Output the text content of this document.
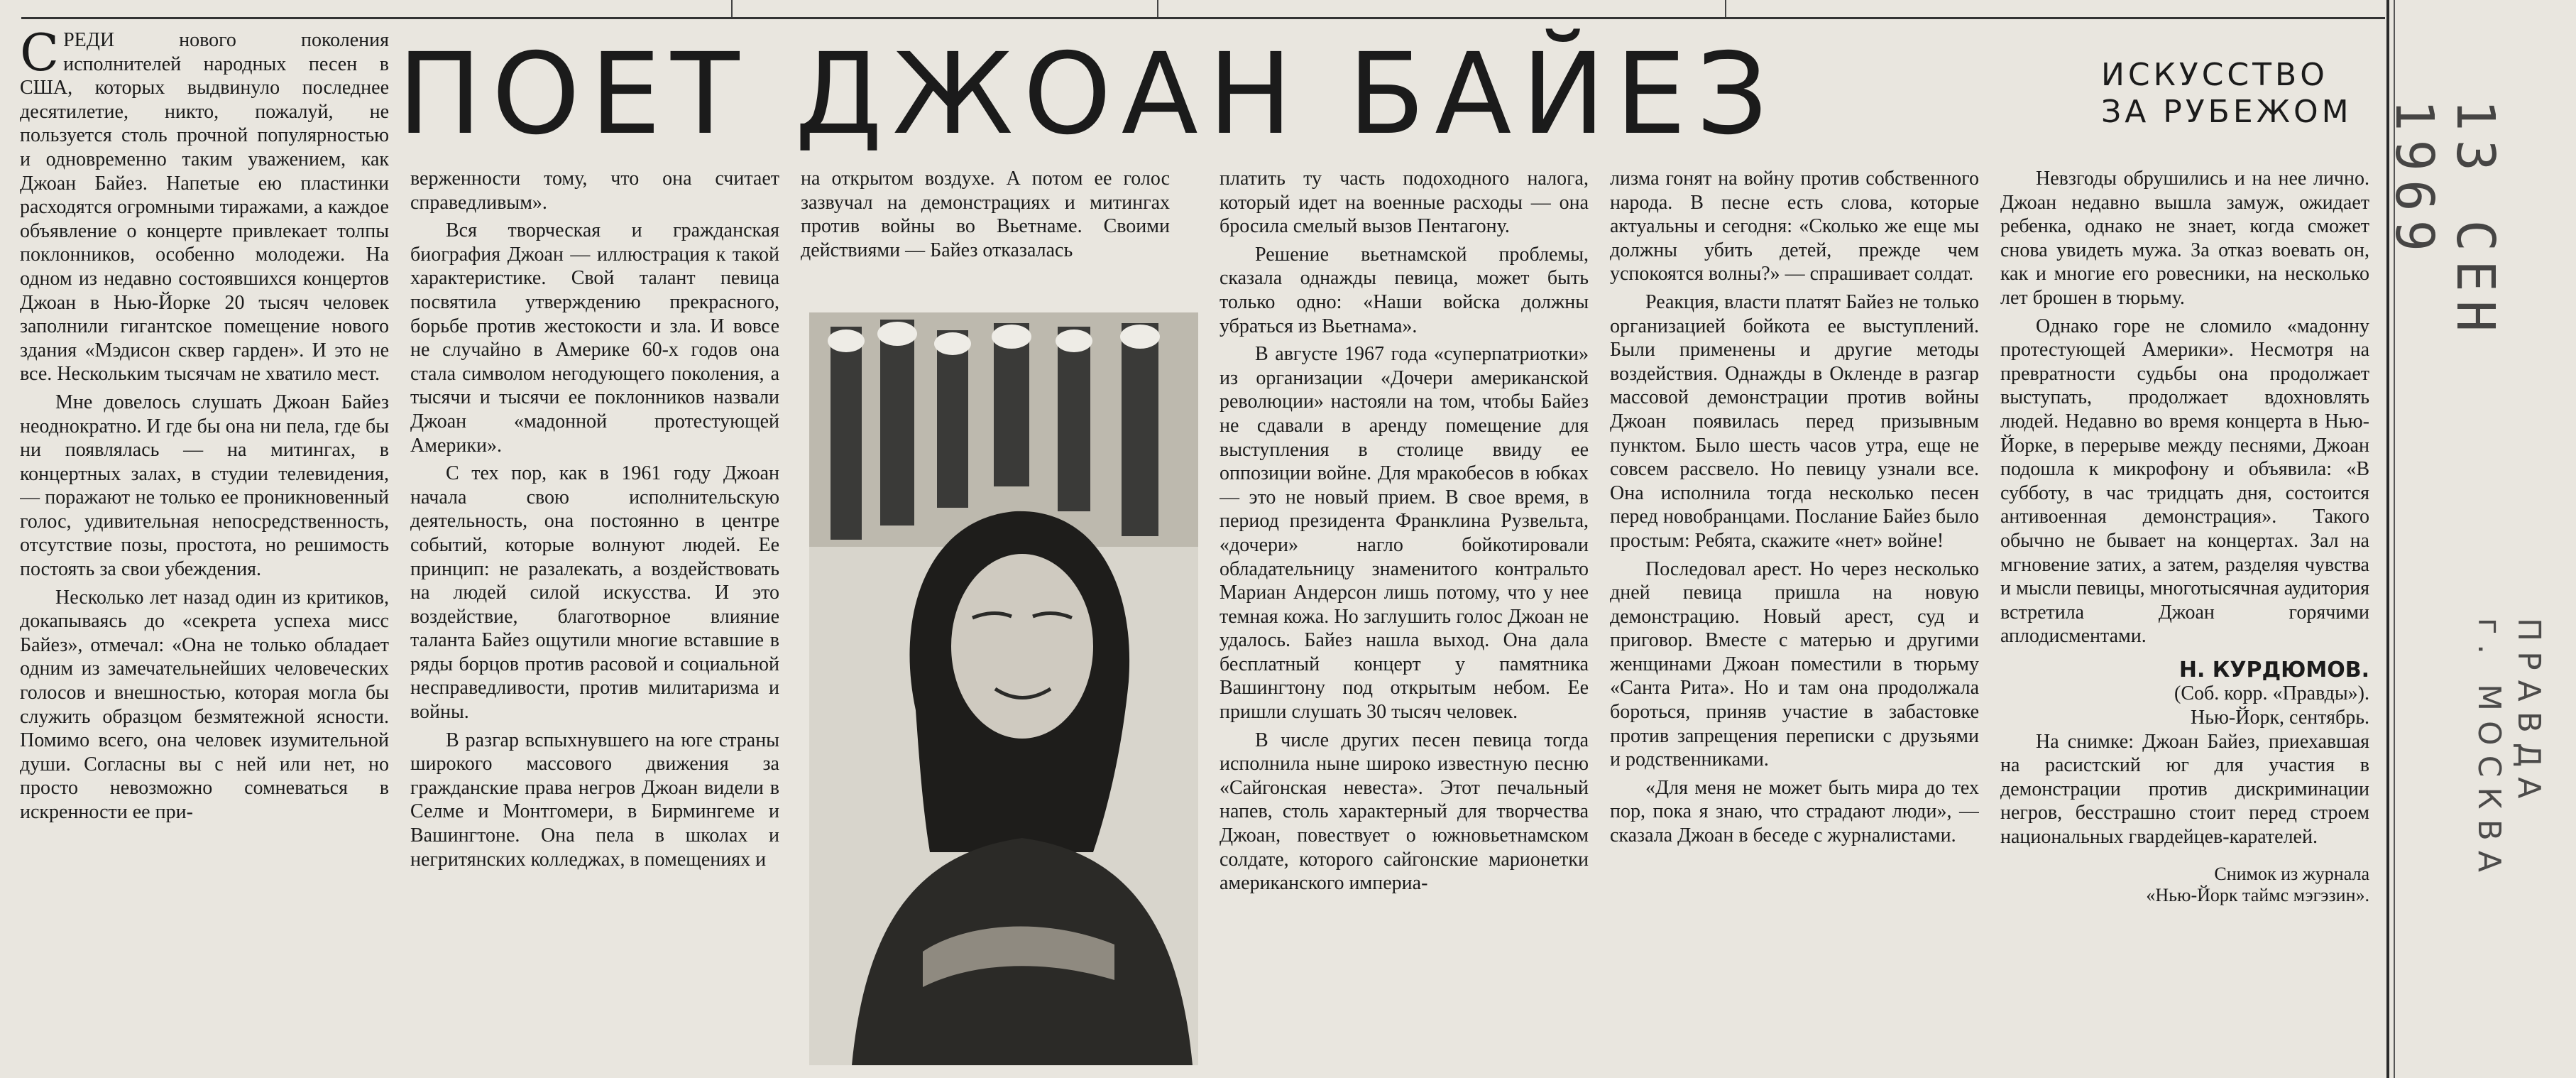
ПОЕТ ДЖОАН БАЙЕЗ	ИСКУССТВО
ЗА РУБЕЖОМ

СРЕДИ нового поколения исполнителей народных песен в США, которых выдвинуло последнее десятилетие, никто, пожалуй, не пользуется столь прочной популярностью и одновременно таким уважением, как Джоан Байез. Напетые ею пластинки расходятся огромными тиражами, а каждое объявление о концерте привлекает толпы поклонников, особенно молодежи. На одном из недавно состоявшихся концертов Джоан в Нью-Йорке 20 тысяч человек заполнили гигантское помещение нового здания «Мэдисон сквер гарден». И это не все. Нескольким тысячам не хватило мест.

Мне довелось слушать Джоан Байез неоднократно. И где бы она ни пела, где бы ни появлялась — на митингах, в концертных залах, в студии телевидения, — поражают не только ее проникновенный голос, удивительная непосредственность, отсутствие позы, простота, но решимость постоять за свои убеждения.

Несколько лет назад один из критиков, докапываясь до «секрета успеха мисс Байез», отмечал: «Она не только обладает одним из замечательнейших человеческих голосов и внешностью, которая могла бы служить образцом безмятежной ясности. Помимо всего, она человек изумительной души. Согласны вы с ней или нет, но просто невозможно сомневаться в искренности ее при-

верженности тому, что она считает справедливым».

Вся творческая и гражданская биография Джоан — иллюстрация к такой характеристике. Свой талант певица посвятила утверждению прекрасного, борьбе против жестокости и зла. И вовсе не случайно в Америке 60-х годов она стала символом негодующего поколения, а тысячи и тысячи ее поклонников назвали Джоан «мадонной протестующей Америки».

С тех пор, как в 1961 году Джоан начала свою исполнительскую деятельность, она постоянно в центре событий, которые волнуют людей. Ее принцип: не разалекать, а воздействовать на людей силой искусства. И это воздействие, благотворное влияние таланта Байез ощутили многие вставшие в ряды борцов против расовой и социальной несправедливости, против милитаризма и войны.

В разгар вспыхнувшего на юге страны широкого массового движения за гражданские права негров Джоан видели в Селме и Монтгомери, в Бирмингеме и Вашингтоне. Она пела в школах и негритянских колледжах, в помещениях и

на открытом воздухе. А потом ее голос зазвучал на демонстрациях и митингах против войны во Вьетнаме. Своими действиями — Байез отказалась

платить ту часть подоходного налога, который идет на военные расходы — она бросила смелый вызов Пентагону.

Решение вьетнамской проблемы, сказала однажды певица, может быть только одно: «Наши войска должны убраться из Вьетнама».

В августе 1967 года «суперпатриотки» из организации «Дочери американской революции» настояли на том, чтобы Байез не сдавали в аренду помещение для выступления в столице ввиду ее оппозиции войне. Для мракобесов в юбках — это не новый прием. В свое время, в период президента Франклина Рузвельта, «дочери» нагло бойкотировали обладательницу знаменитого контральто Мариан Андерсон лишь потому, что у нее темная кожа. Но заглушить голос Джоан не удалось. Байез нашла выход. Она дала бесплатный концерт у памятника Вашингтону под открытым небом. Ее пришли слушать 30 тысяч человек.

В числе других песен певица тогда исполнила ныне широко известную песню «Сайгонская невеста». Этот печальный напев, столь характерный для творчества Джоан, повествует о южновьетнамском солдате, которого сайгонские марионетки американского империа-

лизма гонят на войну против собственного народа. В песне есть слова, которые актуальны и сегодня: «Сколько же еще мы должны убить детей, прежде чем успокоятся волны?» — спрашивает солдат.

Реакция, власти платят Байез не только организацией бойкота ее выступлений. Были применены и другие методы воздействия. Однажды в Окленде в разгар массовой демонстрации против войны Джоан появилась перед призывным пунктом. Было шесть часов утра, еще не совсем рассвело. Но певицу узнали все. Она исполнила тогда несколько песен перед новобранцами. Послание Байез было простым: Ребята, скажите «нет» войне!

Последовал арест. Но через несколько дней певица пришла на новую демонстрацию. Новый арест, суд и приговор. Вместе с матерью и другими женщинами Джоан поместили в тюрьму «Санта Рита». Но и там она продолжала бороться, приняв участие в забастовке против запрещения переписки с друзьями и родственниками.

«Для меня не может быть мира до тех пор, пока я знаю, что страдают люди», — сказала Джоан в беседе с журналистами.

Невзгоды обрушились и на нее лично. Джоан недавно вышла замуж, ожидает ребенка, однако не знает, когда сможет снова увидеть мужа. За отказ воевать он, как и многие его ровесники, на несколько лет брошен в тюрьму.

Однако горе не сломило «мадонну протестующей Америки». Несмотря на превратности судьбы она продолжает выступать, продолжает вдохновлять людей. Недавно во время концерта в Нью-Йорке, в перерыве между песнями, Джоан подошла к микрофону и объявила: «В субботу, в час тридцать дня, состоится антивоенная демонстрация». Такого обычно не бывает на концертах. Зал на мгновение затих, а затем, разделяя чувства и мысли певицы, многотысячная аудитория встретила Джоан горячими аплодисментами.

Н. КУРДЮМОВ.
(Соб. корр. «Правды»).
Нью-Йорк, сентябрь.

На снимке: Джоан Байез, приехавшая на расистский юг для участия в демонстрации против дискриминации негров, бесстрашно стоит перед строем национальных гвардейцев-карателей.

Снимок из журнала
«Нью-Йорк таймс мэгэзин».
13 СЕН 1969
ПРАВДА
г. МОСКВА
